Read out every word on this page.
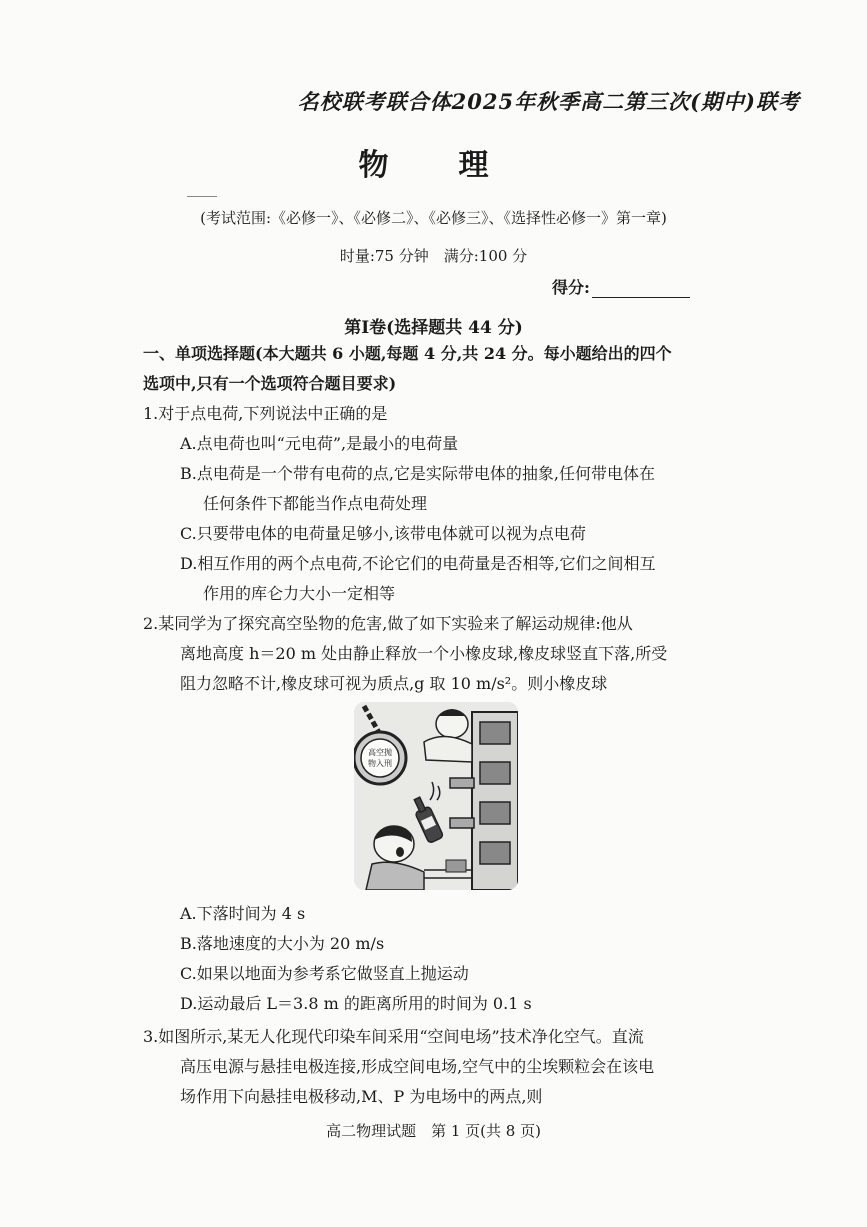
名校联考联合体2025年秋季高二第三次(期中)联考
物　理
(考试范围:《必修一》、《必修二》、《必修三》、《选择性必修一》第一章)
时量:75 分钟　满分:100 分
得分:
第Ⅰ卷(选择题共 44 分)
一、单项选择题(本大题共 6 小题,每题 4 分,共 24 分。每小题给出的四个
选项中,只有一个选项符合题目要求)
1.对于点电荷,下列说法中正确的是
A.点电荷也叫“元电荷”,是最小的电荷量
B.点电荷是一个带有电荷的点,它是实际带电体的抽象,任何带电体在
任何条件下都能当作点电荷处理
C.只要带电体的电荷量足够小,该带电体就可以视为点电荷
D.相互作用的两个点电荷,不论它们的电荷量是否相等,它们之间相互
作用的库仑力大小一定相等
2.某同学为了探究高空坠物的危害,做了如下实验来了解运动规律:他从
离地高度 h＝20 m 处由静止释放一个小橡皮球,橡皮球竖直下落,所受
阻力忽略不计,橡皮球可视为质点,g 取 10 m/s²。则小橡皮球
高空抛
物入刑
A.下落时间为 4 s
B.落地速度的大小为 20 m/s
C.如果以地面为参考系它做竖直上抛运动
D.运动最后 L＝3.8 m 的距离所用的时间为 0.1 s
3.如图所示,某无人化现代印染车间采用“空间电场”技术净化空气。直流
高压电源与悬挂电极连接,形成空间电场,空气中的尘埃颗粒会在该电
场作用下向悬挂电极移动,M、P 为电场中的两点,则
高二物理试题　第 1 页(共 8 页)
